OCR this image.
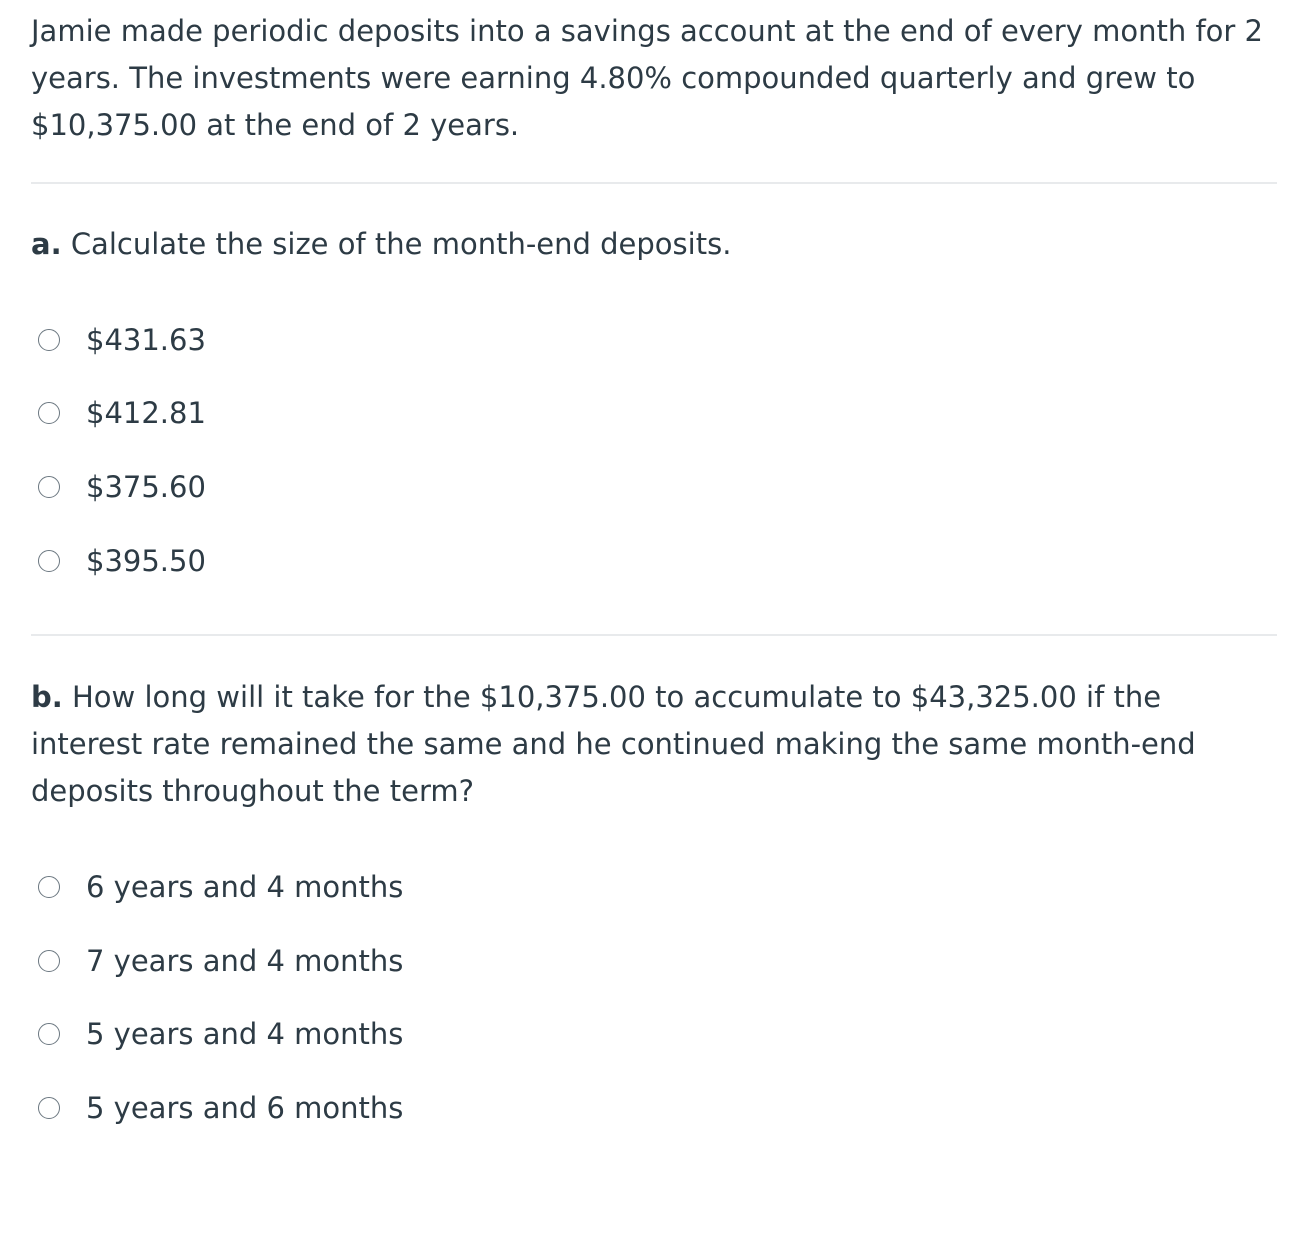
Jamie made periodic deposits into a savings account at the end of every month for 2 years. The investments were earning 4.80% compounded quarterly and grew to $10,375.00 at the end of 2 years.

a. Calculate the size of the month-end deposits.

$431.63
$412.81
$375.60
$395.50

b. How long will it take for the $10,375.00 to accumulate to $43,325.00 if the interest rate remained the same and he continued making the same month-end deposits throughout the term?

6 years and 4 months
7 years and 4 months
5 years and 4 months
5 years and 6 months
